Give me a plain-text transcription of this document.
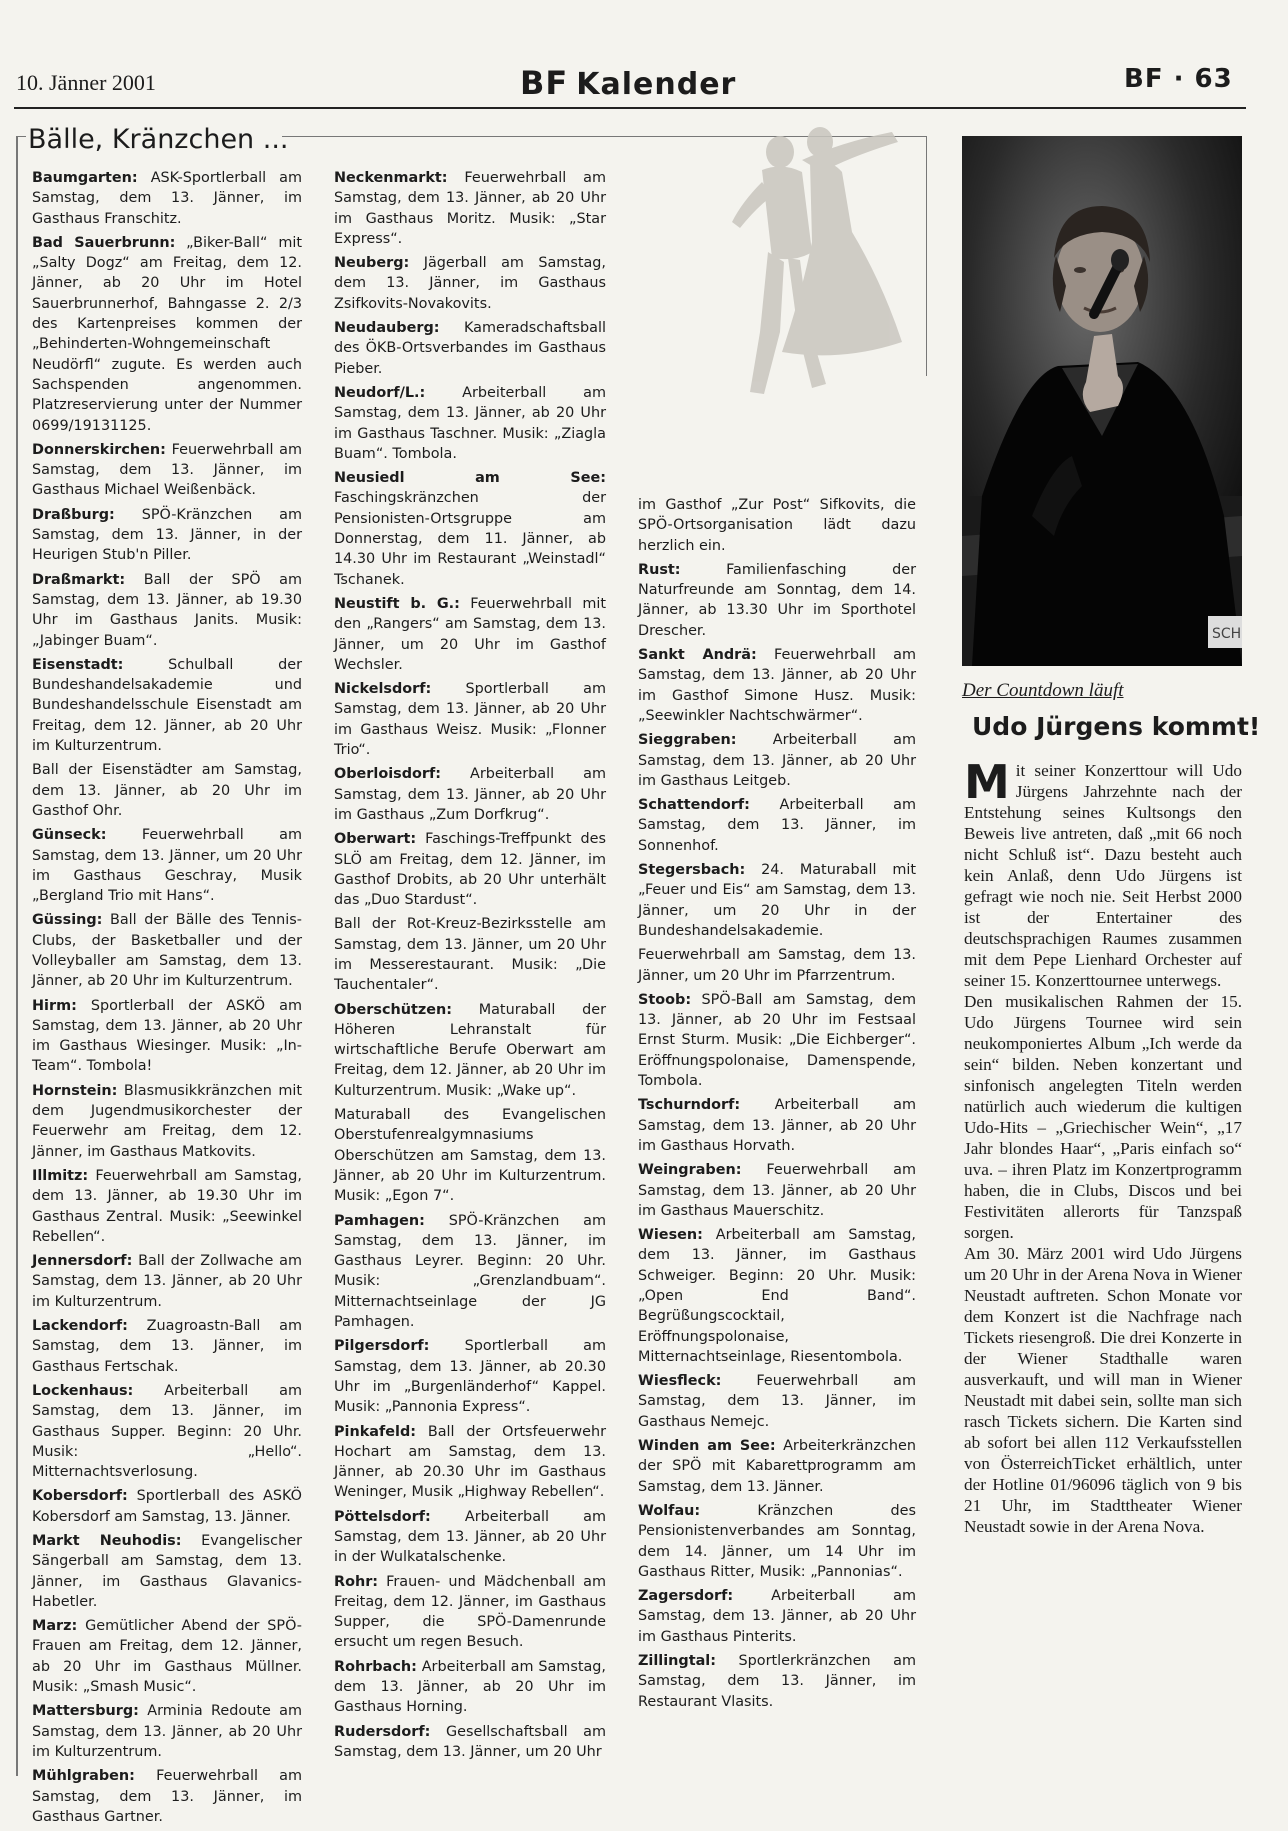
10. Jänner 2001	BF Kalender	BF · 63
Bälle, Kränzchen ...

Baumgarten: ASK-Sportlerball am Samstag, dem 13. Jänner, im Gasthaus Franschitz.

Bad Sauerbrunn: „Biker-Ball“ mit „Salty Dogz“ am Freitag, dem 12. Jänner, ab 20 Uhr im Hotel Sauerbrunnerhof, Bahngasse 2. 2/3 des Kartenpreises kommen der „Behinderten-Wohngemeinschaft Neudörfl“ zugute. Es werden auch Sachspenden angenommen. Platzreservierung unter der Nummer 0699/19131125.

Donnerskirchen: Feuerwehrball am Samstag, dem 13. Jänner, im Gasthaus Michael Weißenbäck.

Draßburg: SPÖ-Kränzchen am Samstag, dem 13. Jänner, in der Heurigen Stub'n Piller.

Draßmarkt: Ball der SPÖ am Samstag, dem 13. Jänner, ab 19.30 Uhr im Gasthaus Janits. Musik: „Jabinger Buam“.

Eisenstadt: Schulball der Bundeshandelsakademie und Bundeshandelsschule Eisenstadt am Freitag, dem 12. Jänner, ab 20 Uhr im Kulturzentrum.

Ball der Eisenstädter am Samstag, dem 13. Jänner, ab 20 Uhr im Gasthof Ohr.

Günseck: Feuerwehrball am Samstag, dem 13. Jänner, um 20 Uhr im Gasthaus Geschray, Musik „Bergland Trio mit Hans“.

Güssing: Ball der Bälle des Tennis-Clubs, der Basketballer und der Volleyballer am Samstag, dem 13. Jänner, ab 20 Uhr im Kulturzentrum.

Hirm: Sportlerball der ASKÖ am Samstag, dem 13. Jänner, ab 20 Uhr im Gasthaus Wiesinger. Musik: „In-Team“. Tombola!

Hornstein: Blasmusikkränzchen mit dem Jugendmusikorchester der Feuerwehr am Freitag, dem 12. Jänner, im Gasthaus Matkovits.

Illmitz: Feuerwehrball am Samstag, dem 13. Jänner, ab 19.30 Uhr im Gasthaus Zentral. Musik: „Seewinkel Rebellen“.

Jennersdorf: Ball der Zollwache am Samstag, dem 13. Jänner, ab 20 Uhr im Kulturzentrum.

Lackendorf: Zuagroastn-Ball am Samstag, dem 13. Jänner, im Gasthaus Fertschak.

Lockenhaus: Arbeiterball am Samstag, dem 13. Jänner, im Gasthaus Supper. Beginn: 20 Uhr. Musik: „Hello“. Mitternachtsverlosung.

Kobersdorf: Sportlerball des ASKÖ Kobersdorf am Samstag, 13. Jänner.

Markt Neuhodis: Evangelischer Sängerball am Samstag, dem 13. Jänner, im Gasthaus Glavanics-Habetler.

Marz: Gemütlicher Abend der SPÖ-Frauen am Freitag, dem 12. Jänner, ab 20 Uhr im Gasthaus Müllner. Musik: „Smash Music“.

Mattersburg: Arminia Redoute am Samstag, dem 13. Jänner, ab 20 Uhr im Kulturzentrum.

Mühlgraben: Feuerwehrball am Samstag, dem 13. Jänner, im Gasthaus Gartner.

Neckenmarkt: Feuerwehrball am Samstag, dem 13. Jänner, ab 20 Uhr im Gasthaus Moritz. Musik: „Star Express“.

Neuberg: Jägerball am Samstag, dem 13. Jänner, im Gasthaus Zsifkovits-Novakovits.

Neudauberg: Kameradschaftsball des ÖKB-Ortsverbandes im Gasthaus Pieber.

Neudorf/L.: Arbeiterball am Samstag, dem 13. Jänner, ab 20 Uhr im Gasthaus Taschner. Musik: „Ziagla Buam“. Tombola.

Neusiedl am See: Faschingskränzchen der Pensionisten-Ortsgruppe am Donnerstag, dem 11. Jänner, ab 14.30 Uhr im Restaurant „Weinstadl“ Tschanek.

Neustift b. G.: Feuerwehrball mit den „Rangers“ am Samstag, dem 13. Jänner, um 20 Uhr im Gasthof Wechsler.

Nickelsdorf: Sportlerball am Samstag, dem 13. Jänner, ab 20 Uhr im Gasthaus Weisz. Musik: „Flonner Trio“.

Oberloisdorf: Arbeiterball am Samstag, dem 13. Jänner, ab 20 Uhr im Gasthaus „Zum Dorfkrug“.

Oberwart: Faschings-Treffpunkt des SLÖ am Freitag, dem 12. Jänner, im Gasthof Drobits, ab 20 Uhr unterhält das „Duo Stardust“.

Ball der Rot-Kreuz-Bezirksstelle am Samstag, dem 13. Jänner, um 20 Uhr im Messerestaurant. Musik: „Die Tauchentaler“.

Oberschützen: Maturaball der Höheren Lehranstalt für wirtschaftliche Berufe Oberwart am Freitag, dem 12. Jänner, ab 20 Uhr im Kulturzentrum. Musik: „Wake up“.

Maturaball des Evangelischen Oberstufenrealgymnasiums Oberschützen am Samstag, dem 13. Jänner, ab 20 Uhr im Kulturzentrum. Musik: „Egon 7“.

Pamhagen: SPÖ-Kränzchen am Samstag, dem 13. Jänner, im Gasthaus Leyrer. Beginn: 20 Uhr. Musik: „Grenzlandbuam“. Mitternachtseinlage der JG Pamhagen.

Pilgersdorf: Sportlerball am Samstag, dem 13. Jänner, ab 20.30 Uhr im „Burgenländerhof“ Kappel. Musik: „Pannonia Express“.

Pinkafeld: Ball der Ortsfeuerwehr Hochart am Samstag, dem 13. Jänner, ab 20.30 Uhr im Gasthaus Weninger, Musik „Highway Rebellen“.

Pöttelsdorf: Arbeiterball am Samstag, dem 13. Jänner, ab 20 Uhr in der Wulkatalschenke.

Rohr: Frauen- und Mädchenball am Freitag, dem 12. Jänner, im Gasthaus Supper, die SPÖ-Damenrunde ersucht um regen Besuch.

Rohrbach: Arbeiterball am Samstag, dem 13. Jänner, ab 20 Uhr im Gasthaus Horning.

Rudersdorf: Gesellschaftsball am Samstag, dem 13. Jänner, um 20 Uhr

im Gasthof „Zur Post“ Sifkovits, die SPÖ-Ortsorganisation lädt dazu herzlich ein.

Rust: Familienfasching der Naturfreunde am Sonntag, dem 14. Jänner, ab 13.30 Uhr im Sporthotel Drescher.

Sankt Andrä: Feuerwehrball am Samstag, dem 13. Jänner, ab 20 Uhr im Gasthof Simone Husz. Musik: „Seewinkler Nachtschwärmer“.

Sieggraben: Arbeiterball am Samstag, dem 13. Jänner, ab 20 Uhr im Gasthaus Leitgeb.

Schattendorf: Arbeiterball am Samstag, dem 13. Jänner, im Sonnenhof.

Stegersbach: 24. Maturaball mit „Feuer und Eis“ am Samstag, dem 13. Jänner, um 20 Uhr in der Bundeshandelsakademie.

Feuerwehrball am Samstag, dem 13. Jänner, um 20 Uhr im Pfarrzentrum.

Stoob: SPÖ-Ball am Samstag, dem 13. Jänner, ab 20 Uhr im Festsaal Ernst Sturm. Musik: „Die Eichberger“. Eröffnungspolonaise, Damenspende, Tombola.

Tschurndorf: Arbeiterball am Samstag, dem 13. Jänner, ab 20 Uhr im Gasthaus Horvath.

Weingraben: Feuerwehrball am Samstag, dem 13. Jänner, ab 20 Uhr im Gasthaus Mauerschitz.

Wiesen: Arbeiterball am Samstag, dem 13. Jänner, im Gasthaus Schweiger. Beginn: 20 Uhr. Musik: „Open End Band“. Begrüßungscocktail, Eröffnungspolonaise, Mitternachtseinlage, Riesentombola.

Wiesfleck: Feuerwehrball am Samstag, dem 13. Jänner, im Gasthaus Nemejc.

Winden am See: Arbeiterkränzchen der SPÖ mit Kabarettprogramm am Samstag, dem 13. Jänner.

Wolfau: Kränzchen des Pensionistenverbandes am Sonntag, dem 14. Jänner, um 14 Uhr im Gasthaus Ritter, Musik: „Pannonias“.

Zagersdorf: Arbeiterball am Samstag, dem 13. Jänner, ab 20 Uhr im Gasthaus Pinterits.

Zillingtal: Sportlerkränzchen am Samstag, dem 13. Jänner, im Restaurant Vlasits.

SCH
Der Countdown läuft
Udo Jürgens kommt!
M it seiner Konzerttour will Udo Jürgens Jahrzehnte nach der Entstehung seines Kultsongs den Beweis live antreten, daß „mit 66 noch nicht Schluß ist“. Dazu besteht auch kein Anlaß, denn Udo Jürgens ist gefragt wie noch nie. Seit Herbst 2000 ist der Entertainer des deutschsprachigen Raumes zusammen mit dem Pepe Lienhard Orchester auf seiner 15. Konzerttournee unterwegs.

Den musikalischen Rahmen der 15. Udo Jürgens Tournee wird sein neukomponiertes Album „Ich werde da sein“ bilden. Neben konzertant und sinfonisch angelegten Titeln werden natürlich auch wiederum die kultigen Udo-Hits – „Griechischer Wein“, „17 Jahr blondes Haar“, „Paris einfach so“ uva. – ihren Platz im Konzertprogramm haben, die in Clubs, Discos und bei Festivitäten allerorts für Tanzspaß sorgen.

Am 30. März 2001 wird Udo Jürgens um 20 Uhr in der Arena Nova in Wiener Neustadt auftreten. Schon Monate vor dem Konzert ist die Nachfrage nach Tickets riesengroß. Die drei Konzerte in der Wiener Stadthalle waren ausverkauft, und will man in Wiener Neustadt mit dabei sein, sollte man sich rasch Tickets sichern. Die Karten sind ab sofort bei allen 112 Verkaufsstellen von ÖsterreichTicket erhältlich, unter der Hotline 01/96096 täglich von 9 bis 21 Uhr, im Stadttheater Wiener Neustadt sowie in der Arena Nova.
